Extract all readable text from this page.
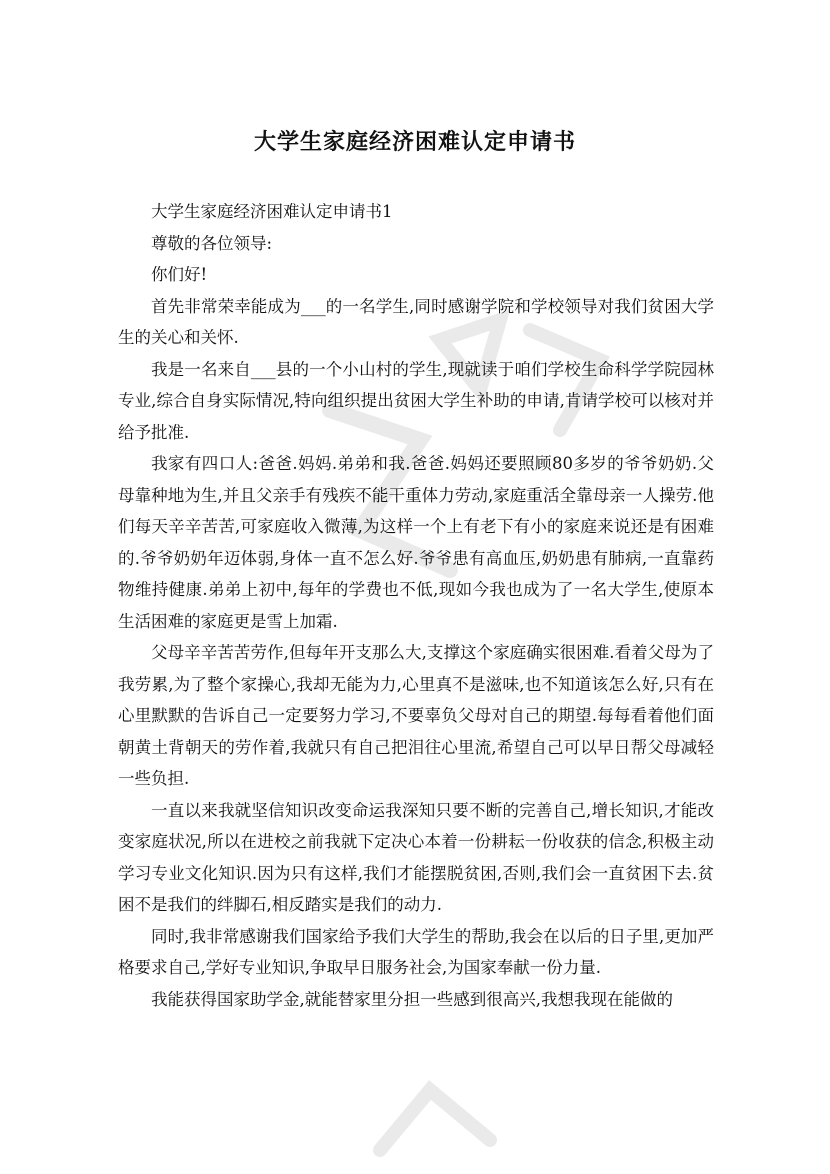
大学生家庭经济困难认定申请书

大学生家庭经济困难认定申请书1

尊敬的各位领导:

你们好!

首先非常荣幸能成为___的一名学生,同时感谢学院和学校领导对我们贫困大学生的关心和关怀.

我是一名来自___县的一个小山村的学生,现就读于咱们学校生命科学学院园林专业,综合自身实际情况,特向组织提出贫困大学生补助的申请,肯请学校可以核对并给予批准.

我家有四口人:爸爸.妈妈.弟弟和我.爸爸.妈妈还要照顾80多岁的爷爷奶奶.父母靠种地为生,并且父亲手有残疾不能干重体力劳动,家庭重活全靠母亲一人操劳.他们每天辛辛苦苦,可家庭收入微薄,为这样一个上有老下有小的家庭来说还是有困难的.爷爷奶奶年迈体弱,身体一直不怎么好.爷爷患有高血压,奶奶患有肺病,一直靠药物维持健康.弟弟上初中,每年的学费也不低,现如今我也成为了一名大学生,使原本生活困难的家庭更是雪上加霜.

父母辛辛苦苦劳作,但每年开支那么大,支撑这个家庭确实很困难.看着父母为了我劳累,为了整个家操心,我却无能为力,心里真不是滋味,也不知道该怎么好,只有在心里默默的告诉自己一定要努力学习,不要辜负父母对自己的期望.每每看着他们面朝黄土背朝天的劳作着,我就只有自己把泪往心里流,希望自己可以早日帮父母减轻一些负担.

一直以来我就坚信知识改变命运我深知只要不断的完善自己,增长知识,才能改变家庭状况,所以在进校之前我就下定决心本着一份耕耘一份收获的信念,积极主动学习专业文化知识.因为只有这样,我们才能摆脱贫困,否则,我们会一直贫困下去.贫困不是我们的绊脚石,相反踏实是我们的动力.

同时,我非常感谢我们国家给予我们大学生的帮助,我会在以后的日子里,更加严格要求自己,学好专业知识,争取早日服务社会,为国家奉献一份力量.

我能获得国家助学金,就能替家里分担一些感到很高兴,我想我现在能做的
